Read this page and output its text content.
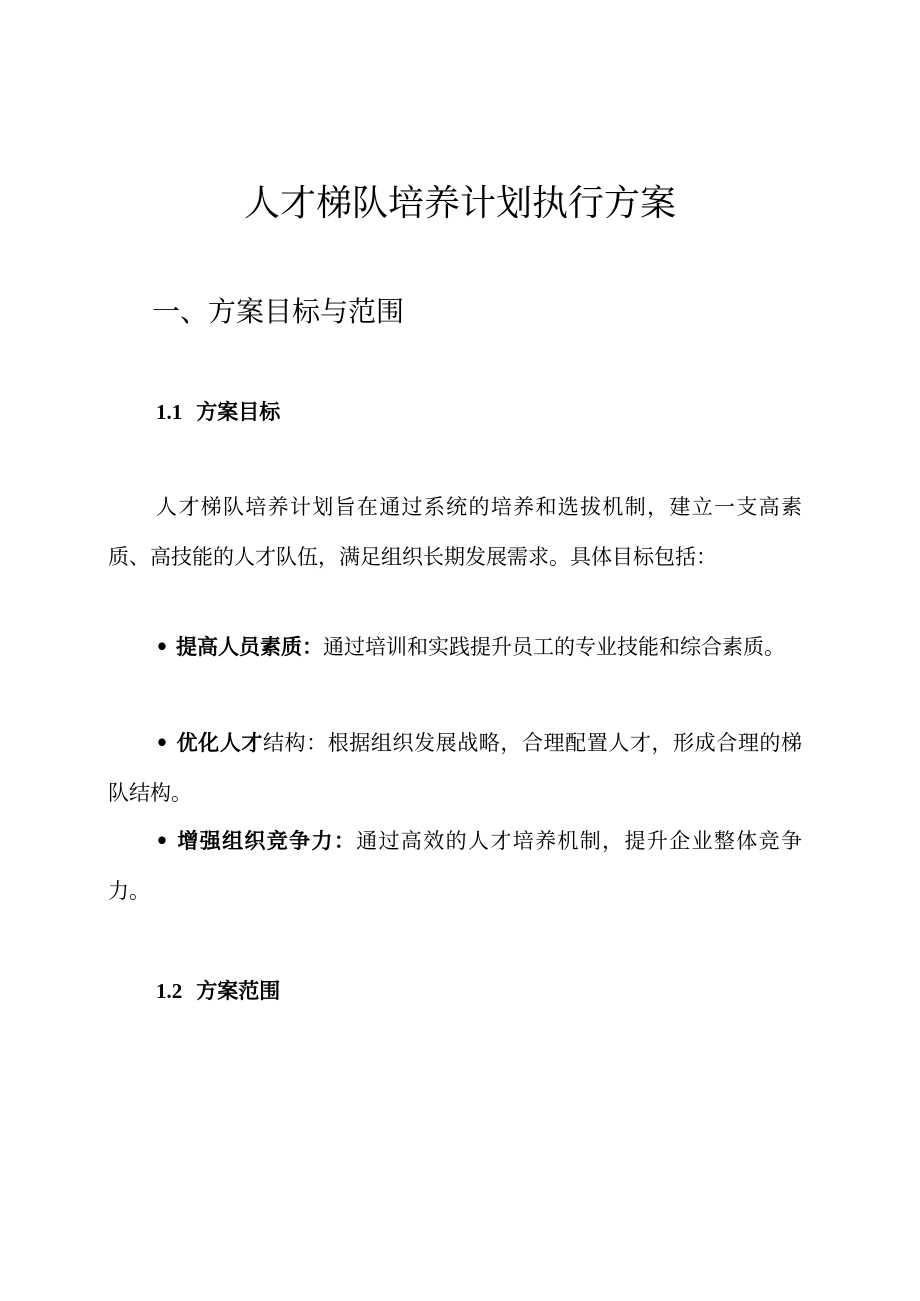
人才梯队培养计划执行方案
一、方案目标与范围
1.1 方案目标

人才梯队培养计划旨在通过系统的培养和选拔机制，建立一支高素质、高技能的人才队伍，满足组织长期发展需求。具体目标包括：

• 提高人员素质：通过培训和实践提升员工的专业技能和综合素质。

• 优化人才结构：根据组织发展战略，合理配置人才，形成合理的梯队结构。

• 增强组织竞争力：通过高效的人才培养机制，提升企业整体竞争力。

1.2 方案范围
